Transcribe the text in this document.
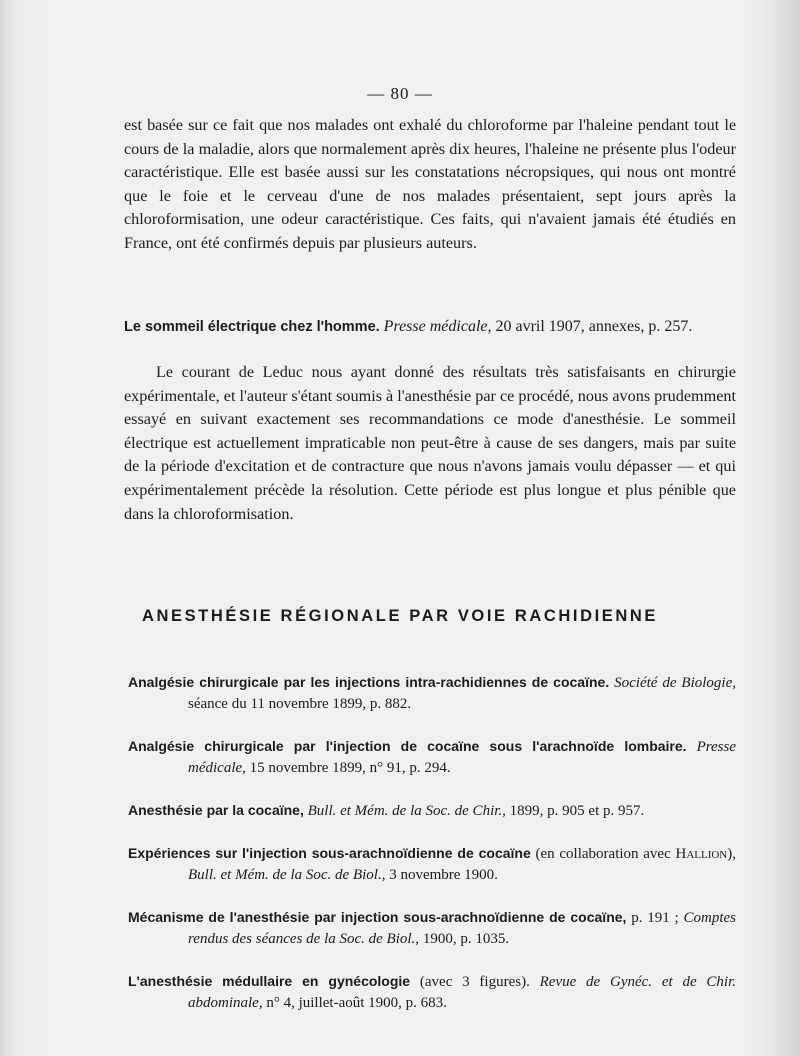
— 80 —

est basée sur ce fait que nos malades ont exhalé du chloroforme par l'haleine pendant tout le cours de la maladie, alors que normalement après dix heures, l'haleine ne présente plus l'odeur caractéristique. Elle est basée aussi sur les constatations nécropsiques, qui nous ont montré que le foie et le cerveau d'une de nos malades présentaient, sept jours après la chloroformisation, une odeur caractéristique. Ces faits, qui n'avaient jamais été étudiés en France, ont été confirmés depuis par plusieurs auteurs.

Le sommeil électrique chez l'homme. Presse médicale, 20 avril 1907, annexes, p. 257.

Le courant de Leduc nous ayant donné des résultats très satisfaisants en chirurgie expérimentale, et l'auteur s'étant soumis à l'anesthésie par ce procédé, nous avons prudemment essayé en suivant exactement ses recommandations ce mode d'anesthésie. Le sommeil électrique est actuellement impraticable non peut-être à cause de ses dangers, mais par suite de la période d'excitation et de contracture que nous n'avons jamais voulu dépasser — et qui expérimentalement précède la résolution. Cette période est plus longue et plus pénible que dans la chloroformisation.

ANESTHÉSIE RÉGIONALE PAR VOIE RACHIDIENNE
Analgésie chirurgicale par les injections intra-rachidiennes de cocaïne. Société de Biologie, séance du 11 novembre 1899, p. 882.
Analgésie chirurgicale par l'injection de cocaïne sous l'arachnoïde lombaire. Presse médicale, 15 novembre 1899, n° 91, p. 294.
Anesthésie par la cocaïne, Bull. et Mém. de la Soc. de Chir., 1899, p. 905 et p. 957.
Expériences sur l'injection sous-arachnoïdienne de cocaïne (en collaboration avec Hallion), Bull. et Mém. de la Soc. de Biol., 3 novembre 1900.
Mécanisme de l'anesthésie par injection sous-arachnoïdienne de cocaïne, p. 191 ; Comptes rendus des séances de la Soc. de Biol., 1900, p. 1035.
L'anesthésie médullaire en gynécologie (avec 3 figures). Revue de Gynéc. et de Chir. abdominale, n° 4, juillet-août 1900, p. 683.
